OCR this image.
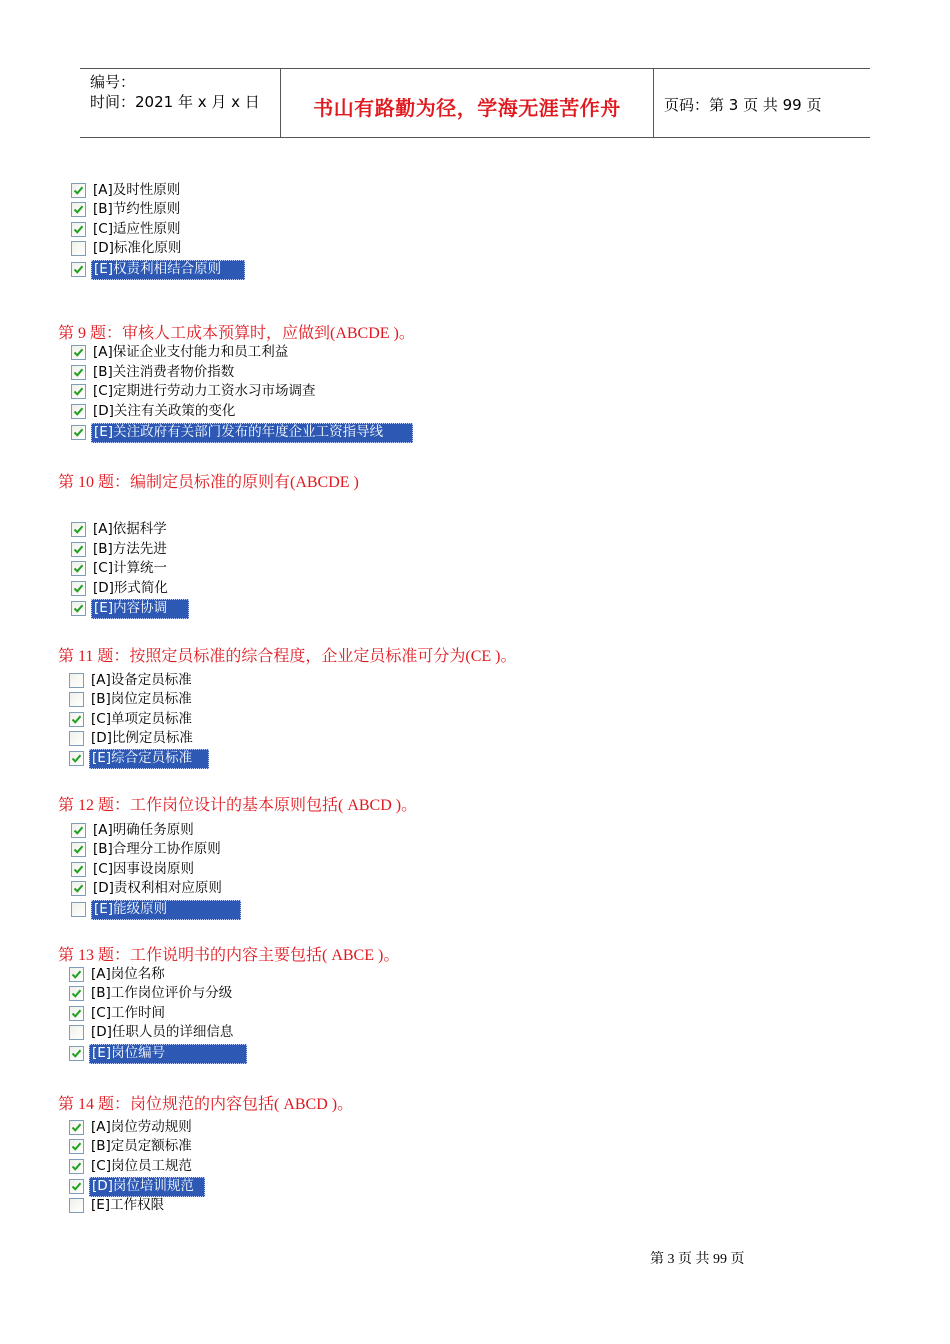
编号：
时间：2021 年 x 月 x 日	书山有路勤为径，学海无涯苦作舟	页码：第 3 页 共 99 页
[A]及时性原则
[B]节约性原则
[C]适应性原则
[D]标准化原则
[E]权责利相结合原则
第 9 题：审核人工成本预算时，应做到(ABCDE )。
[A]保证企业支付能力和员工利益
[B]关注消费者物价指数
[C]定期进行劳动力工资水习市场调查
[D]关注有关政策的变化
[E]关注政府有关部门发布的年度企业工资指导线
第 10 题：编制定员标准的原则有(ABCDE )
[A]依据科学
[B]方法先进
[C]计算统一
[D]形式简化
[E]内容协调
第 11 题：按照定员标准的综合程度，企业定员标准可分为(CE )。
[A]设备定员标准
[B]岗位定员标准
[C]单项定员标准
[D]比例定员标准
[E]综合定员标准
第 12 题：工作岗位设计的基本原则包括( ABCD )。
[A]明确任务原则
[B]合理分工协作原则
[C]因事设岗原则
[D]责权利相对应原则
[E]能级原则
第 13 题：工作说明书的内容主要包括( ABCE )。
[A]岗位名称
[B]工作岗位评价与分级
[C]工作时间
[D]任职人员的详细信息
[E]岗位编号
第 14 题：岗位规范的内容包括( ABCD )。
[A]岗位劳动规则
[B]定员定额标准
[C]岗位员工规范
[D]岗位培训规范
[E]工作权限
第 3 页 共 99 页
